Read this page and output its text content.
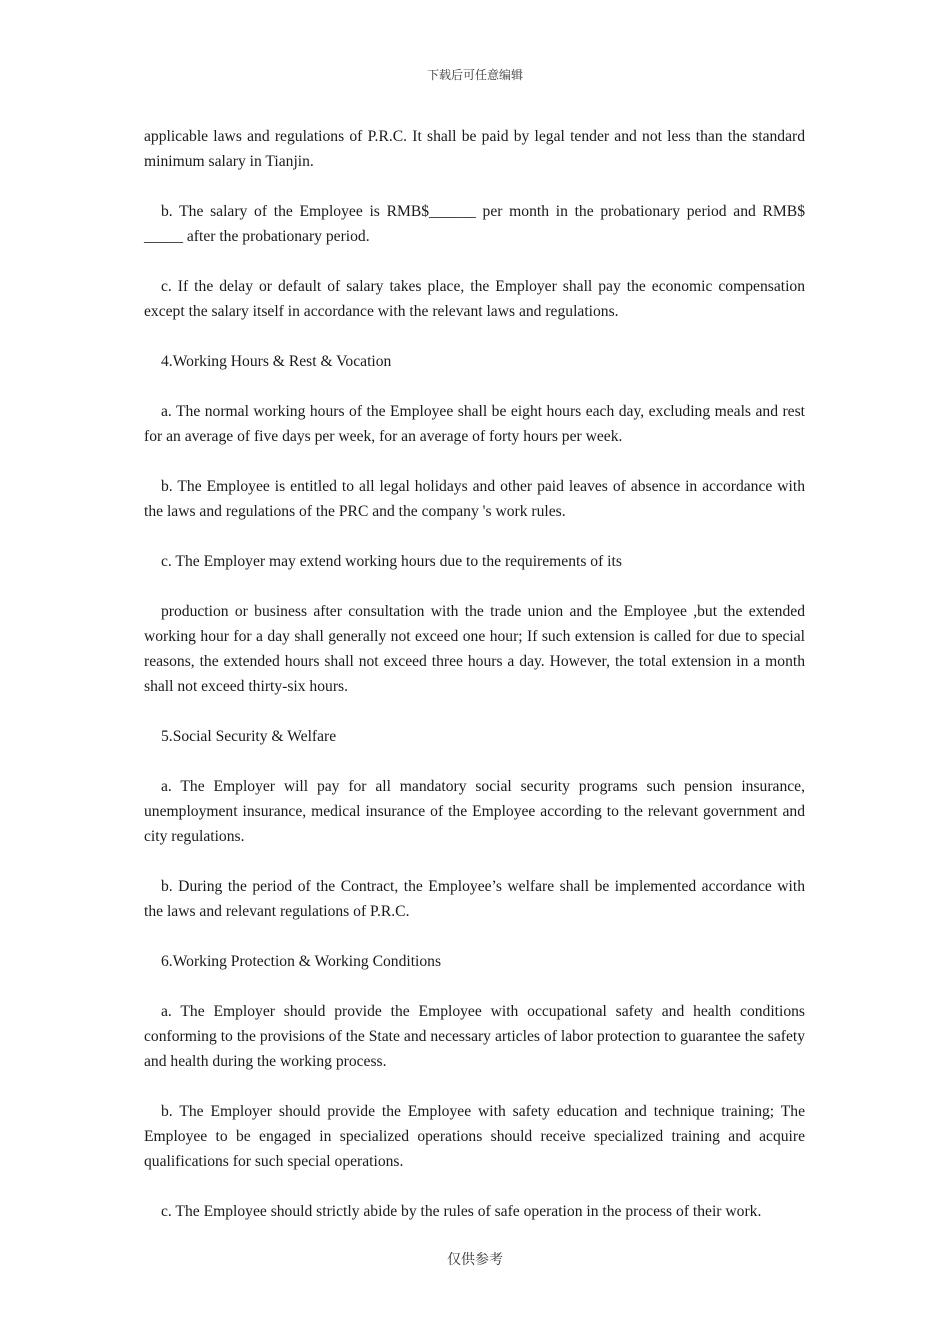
下载后可任意编辑

applicable laws and regulations of P.R.C. It shall be paid by legal tender and not less than the standard minimum salary in Tianjin.

b. The salary of the Employee is RMB$______ per month in the probationary period and RMB$ _____ after the probationary period.

c. If the delay or default of salary takes place, the Employer shall pay the economic compensation except the salary itself in accordance with the relevant laws and regulations.

4.Working Hours & Rest & Vocation

a. The normal working hours of the Employee shall be eight hours each day, excluding meals and rest for an average of five days per week, for an average of forty hours per week.

b. The Employee is entitled to all legal holidays and other paid leaves of absence in accordance with the laws and regulations of the PRC and the company 's work rules.

c. The Employer may extend working hours due to the requirements of its

production or business after consultation with the trade union and the Employee ,but the extended working hour for a day shall generally not exceed one hour; If such extension is called for due to special reasons, the extended hours shall not exceed three hours a day. However, the total extension in a month shall not exceed thirty-six hours.

5.Social Security & Welfare

a. The Employer will pay for all mandatory social security programs such pension insurance, unemployment insurance, medical insurance of the Employee according to the relevant government and city regulations.

b. During the period of the Contract, the Employee’s welfare shall be implemented accordance with the laws and relevant regulations of P.R.C.

6.Working Protection & Working Conditions

a. The Employer should provide the Employee with occupational safety and health conditions conforming to the provisions of the State and necessary articles of labor protection to guarantee the safety and health during the working process.

b. The Employer should provide the Employee with safety education and technique training; The Employee to be engaged in specialized operations should receive specialized training and acquire qualifications for such special operations.

c. The Employee should strictly abide by the rules of safe operation in the process of their work.

仅供参考
